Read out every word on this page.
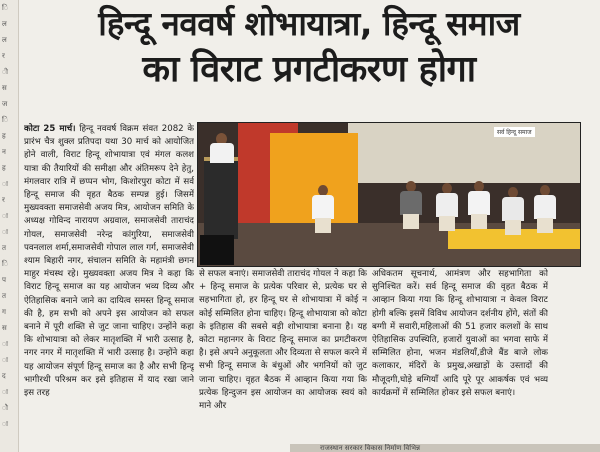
ि
ल
ल
र
ी
स
ज
ि
ह
न
ह
ा
र
ा
ा
त
ि
प
त
ग
स
ा
ा
द
ा
ौ
ा
हिन्दू नववर्ष शोभायात्रा, हिन्दू समाज
का विराट प्रगटीकरण होगा

कोटा 25 मार्च। हिन्दू नववर्ष विक्रम संवत 2082 के प्रारंभ चैत्र शुक्ल प्रतिपदा यथा 30 मार्च को आयोजित होने वाली, विराट हिन्दू शोभायात्रा एवं मंगल कलश यात्रा की तैयारियों की समीक्षा और अंतिमरूप देने हेतु, मंगलवार रात्रि में छप्पन भोग, किशोरपुरा कोटा में सर्व हिन्दू समाज की वृहत बैठक सम्पन्न हुई। जिसमें मुख्यवक्ता समाजसेवी अजय मित्र, आयोजन समिति के अध्यक्ष गोविन्द नारायण अग्रवाल, समाजसेवी ताराचंद गोयल, समाजसेवी नरेन्द्र कांगुरिया, समाजसेवी पवनलाल शर्मा,समाजसेवी गोपाल लाल गर्ग, समाजसेवी श्याम बिहारी नगर, संचालन समिति के महामंत्री छगन माहुर मंचस्थ रहे। मुख्यवक्ता अजय मित्र ने कहा कि विराट हिन्दू समाज का यह आयोजन भव्य दिव्य और ऐतिहासिक बनाने जाने का दायित्व समस्त हिन्दू समाज की है, हम सभी को अपने इस आयोजन को सफल बनाने में पूरी शक्ति से जुट जाना चाहिए। उन्होंने कहा कि शोभायात्रा को लेकर मातृशक्ति में भारी उत्साह है, नगर नगर में मातृशक्ति में भारी उत्साह है। उन्होंने कहा यह आयोजन संपूर्ण हिन्दू समाज का है और सभी हिन्दू भागीरथी परिश्रम कर इसे इतिहास में याद रखा जाने इस तरह

सर्व हिन्दू समाज

से सफल बनाएं। समाजसेवी ताराचंद गोयल ने कहा कि + हिन्दू समाज के प्रत्येक परिवार से, प्रत्येक घर से सहभागिता हो, हर हिन्दू घर से शोभायात्रा में कोई न कोई सम्मिलित होना चाहिए। हिन्दू शोभायात्रा को कोटा के इतिहास की सबसे बड़ी शोभायात्रा बनाना है। यह कोटा महानगर के विराट हिन्दू समाज का प्रगटीकरण है। इसे अपने अनुकूलता और दिव्यता से सफल करने में सभी हिन्दू समाज के बंधुओं और भगनियों को जुट जाना चाहिए। वृहत बैठक में आव्हान किया गया कि प्रत्येक हिन्दुजन इस आयोजन का आयोजक स्वयं को माने और

अधिकतम सूचनार्थ, आमंत्रण और सहभागिता को सुनिश्चित करें। सर्व हिन्दू समाज की वृहत बैठक में आव्हान किया गया कि हिन्दू शोभायात्रा न केवल विराट होगी बल्कि इसमें विविध आयोजन दर्शनीय होंगे, संतों की बग्गी में सवारी,महिलाओं की 51 हजार कलशों के साथ ऐतिहासिक उपस्थिति, हजारों युवाओं का भगवा साफे में सम्मिलित होना, भजन मंडलियाँ,डीजे बैंड बाजे लोक कलाकार, मंदिरों के प्रमुख,अखाड़ों के उस्तादों की मौजूदगी,घोड़े बग्गियाँ आदि पूरे पूर आकर्षक एवं भव्य कार्यक्रमों में सम्मिलित होकर इसे सफल बनाएं।

राजस्थान सरकार विकास निर्माण विभिन्न
